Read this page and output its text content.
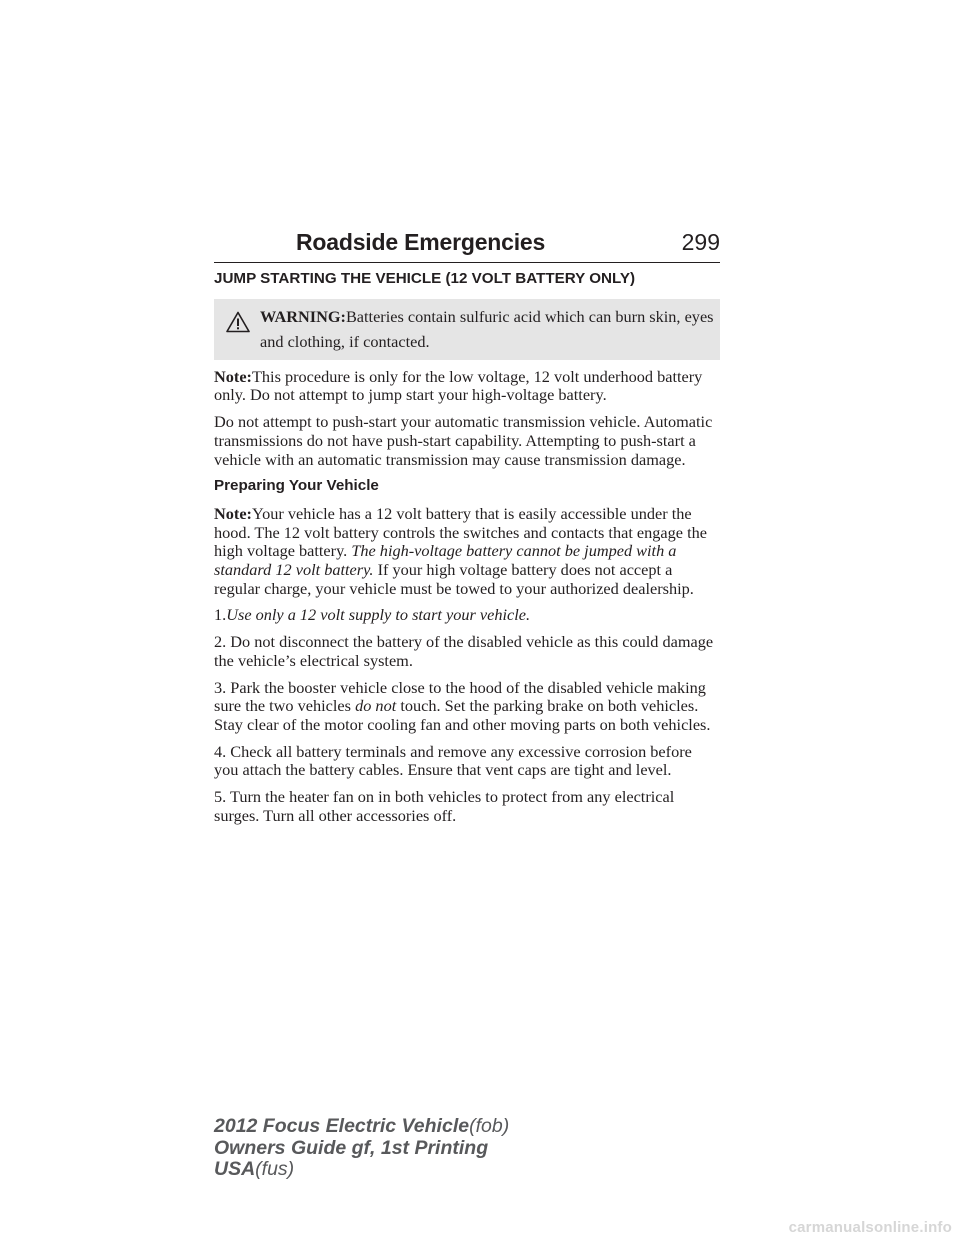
Roadside Emergencies	299
JUMP STARTING THE VEHICLE (12 VOLT BATTERY ONLY)
WARNING:Batteries contain sulfuric acid which can burn skin, eyes and clothing, if contacted.

Note:This procedure is only for the low voltage, 12 volt underhood battery only. Do not attempt to jump start your high-voltage battery.

Do not attempt to push-start your automatic transmission vehicle. Automatic transmissions do not have push-start capability. Attempting to push-start a vehicle with an automatic transmission may cause transmission damage.

Preparing Your Vehicle

Note:Your vehicle has a 12 volt battery that is easily accessible under the hood. The 12 volt battery controls the switches and contacts that engage the high voltage battery. The high-voltage battery cannot be jumped with a standard 12 volt battery. If your high voltage battery does not accept a regular charge, your vehicle must be towed to your authorized dealership.

1.Use only a 12 volt supply to start your vehicle.

2. Do not disconnect the battery of the disabled vehicle as this could damage the vehicle’s electrical system.

3. Park the booster vehicle close to the hood of the disabled vehicle making sure the two vehicles do not touch. Set the parking brake on both vehicles. Stay clear of the motor cooling fan and other moving parts on both vehicles.

4. Check all battery terminals and remove any excessive corrosion before you attach the battery cables. Ensure that vent caps are tight and level.

5. Turn the heater fan on in both vehicles to protect from any electrical surges. Turn all other accessories off.

2012 Focus Electric Vehicle(fob)
Owners Guide gf, 1st Printing
USA(fus)
carmanualsonline.info
